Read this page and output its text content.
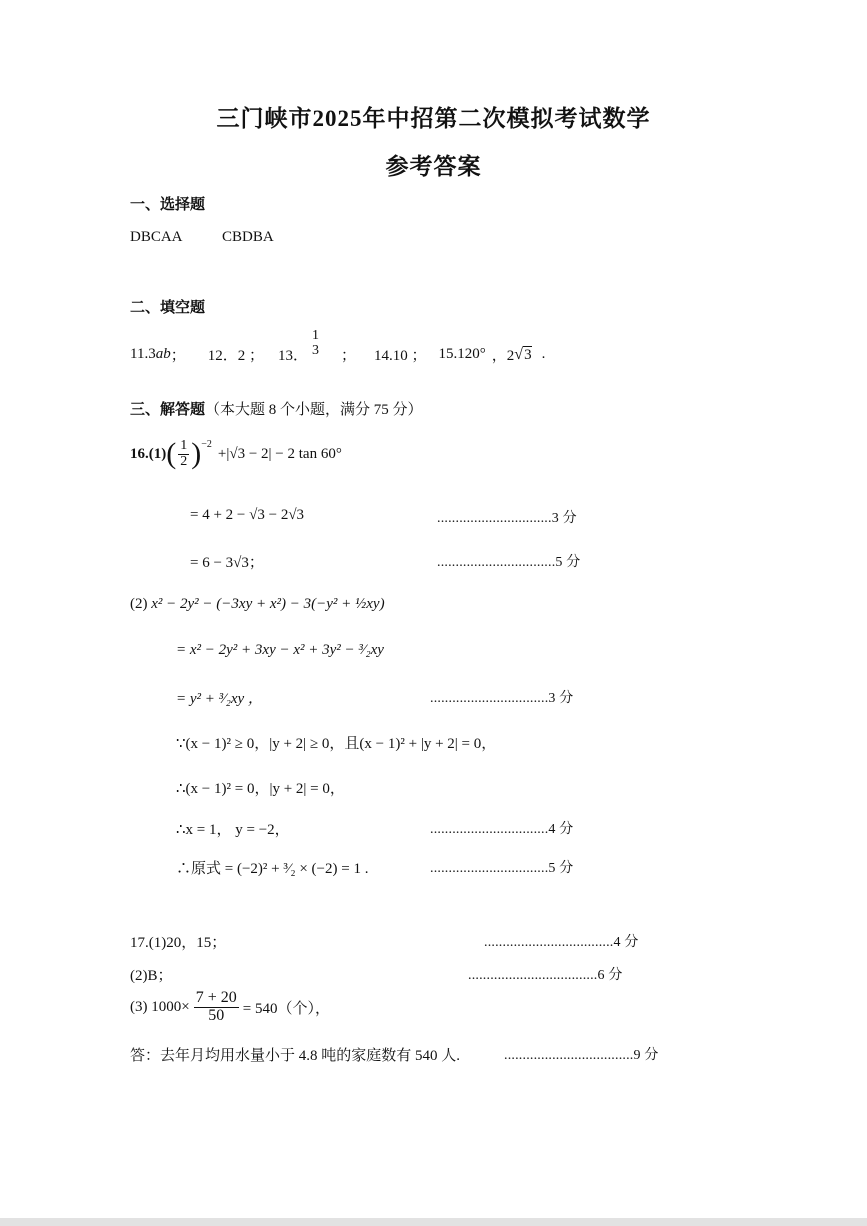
三门峡市2025年中招第二次模拟考试数学
参考答案
一、选择题
DBCAA	CBDBA
二、填空题
11.3 ab ； 12．2 ； 13．
1
3 ； 14.10 ； 15.120° ，2 √ 3 .
三、解答题（本大题 8 个小题，满分 75 分）
16.(1) ( $\frac{1}{2} )^{-2}$
+|√3 − 2| − 2 tan 60°
= 4 + 2 − √3 − 2√3	...............................3 分
= 6 − 3√3；	................................5 分
(2) x² − 2y² − (−3xy + x²) − 3(−y² + ½xy)
= x² − 2y² + 3xy − x² + 3y² − ³⁄₂xy
= y² + ³⁄₂xy ，	................................3 分
∵(x − 1)² ≥ 0，|y + 2| ≥ 0，且(x − 1)² + |y + 2| = 0，
∴(x − 1)² = 0，|y + 2| = 0，
∴x = 1， y = −2，	................................4 分
∴原式 = (−2)² + ³⁄₂ × (−2) = 1 .	................................5 分
17.(1)20，15；	...................................4 分
(2)B；	...................................6 分
(3) $1000\times \frac{7 + 20}{50} = 540$（个），
答：去年月均用水量小于 4.8 吨的家庭数有 540 人.	...................................9 分
